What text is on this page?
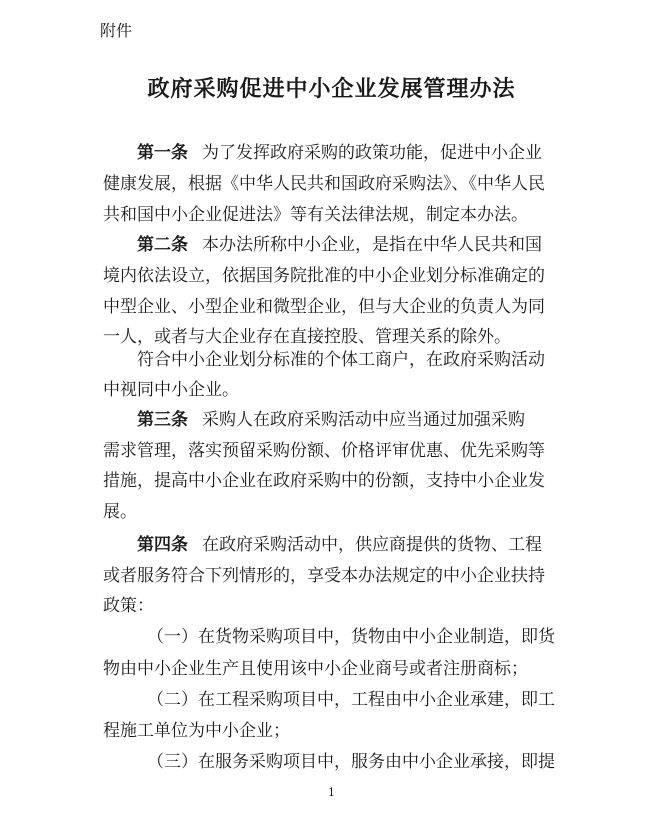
附件
政府采购促进中小企业发展管理办法
第一条 为了发挥政府采购的政策功能，促进中小企业
健康发展，根据《中华人民共和国政府采购法》、《中华人民
共和国中小企业促进法》等有关法律法规，制定本办法。
第二条 本办法所称中小企业，是指在中华人民共和国
境内依法设立，依据国务院批准的中小企业划分标准确定的
中型企业、小型企业和微型企业，但与大企业的负责人为同
一人，或者与大企业存在直接控股、管理关系的除外。
符合中小企业划分标准的个体工商户，在政府采购活动
中视同中小企业。
第三条 采购人在政府采购活动中应当通过加强采购
需求管理，落实预留采购份额、价格评审优惠、优先采购等
措施，提高中小企业在政府采购中的份额，支持中小企业发
展。
第四条 在政府采购活动中，供应商提供的货物、工程
或者服务符合下列情形的，享受本办法规定的中小企业扶持
政策：
（一）在货物采购项目中，货物由中小企业制造，即货
物由中小企业生产且使用该中小企业商号或者注册商标；
（二）在工程采购项目中，工程由中小企业承建，即工
程施工单位为中小企业；
（三）在服务采购项目中，服务由中小企业承接，即提
1
